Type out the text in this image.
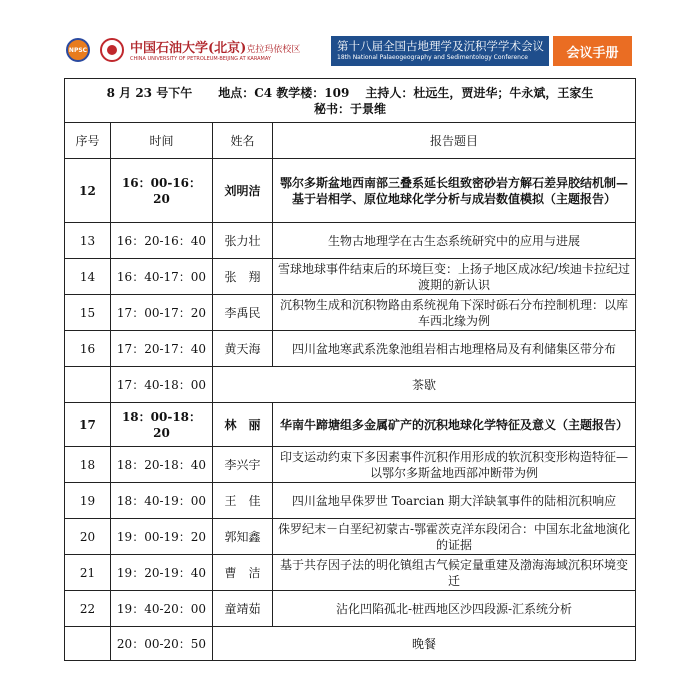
NPSC	中国石油大学(北京)克拉玛依校区
CHINA UNIVERSITY OF PETROLEUM-BEIJING AT KARAMAY
第十八届全国古地理学及沉积学学术会议
18th National Palaeogeography and Sedimentology Conference	会议手册
8 月 23 号下午 地点：C4 教学楼：109 主持人：杜远生，贾进华；牛永斌，王家生
秘书：于景维			

序号	时间	姓名	报告题目
12	16：00-16：20	刘明洁	鄂尔多斯盆地西南部三叠系延长组致密砂岩方解石差异胶结机制—基于岩相学、原位地球化学分析与成岩数值模拟（主题报告）
13	16：20-16：40	张力壮	生物古地理学在古生态系统研究中的应用与进展
14	16：40-17：00	张　翔	雪球地球事件结束后的环境巨变：上扬子地区成冰纪/埃迪卡拉纪过渡期的新认识
15	17：00-17：20	李禹民	沉积物生成和沉积物路由系统视角下深时砾石分布控制机理：以库车西北缘为例
16	17：20-17：40	黄天海	四川盆地寒武系洗象池组岩相古地理格局及有利储集区带分布
	17：40-18：00	茶歇	
17	18：00-18：20	林　丽	华南牛蹄塘组多金属矿产的沉积地球化学特征及意义（主题报告）
18	18：20-18：40	李兴宇	印支运动约束下多因素事件沉积作用形成的软沉积变形构造特征—以鄂尔多斯盆地西部冲断带为例
19	18：40-19：00	王　佳	四川盆地早侏罗世 Toarcian 期大洋缺氧事件的陆相沉积响应
20	19：00-19：20	郭知鑫	侏罗纪末－白垩纪初蒙古-鄂霍茨克洋东段闭合：中国东北盆地演化的证据
21	19：20-19：40	曹　洁	基于共存因子法的明化镇组古气候定量重建及渤海海域沉积环境变迁
22	19：40-20：00	童靖茹	沾化凹陷孤北-桩西地区沙四段源-汇系统分析
	20：00-20：50	晚餐	
